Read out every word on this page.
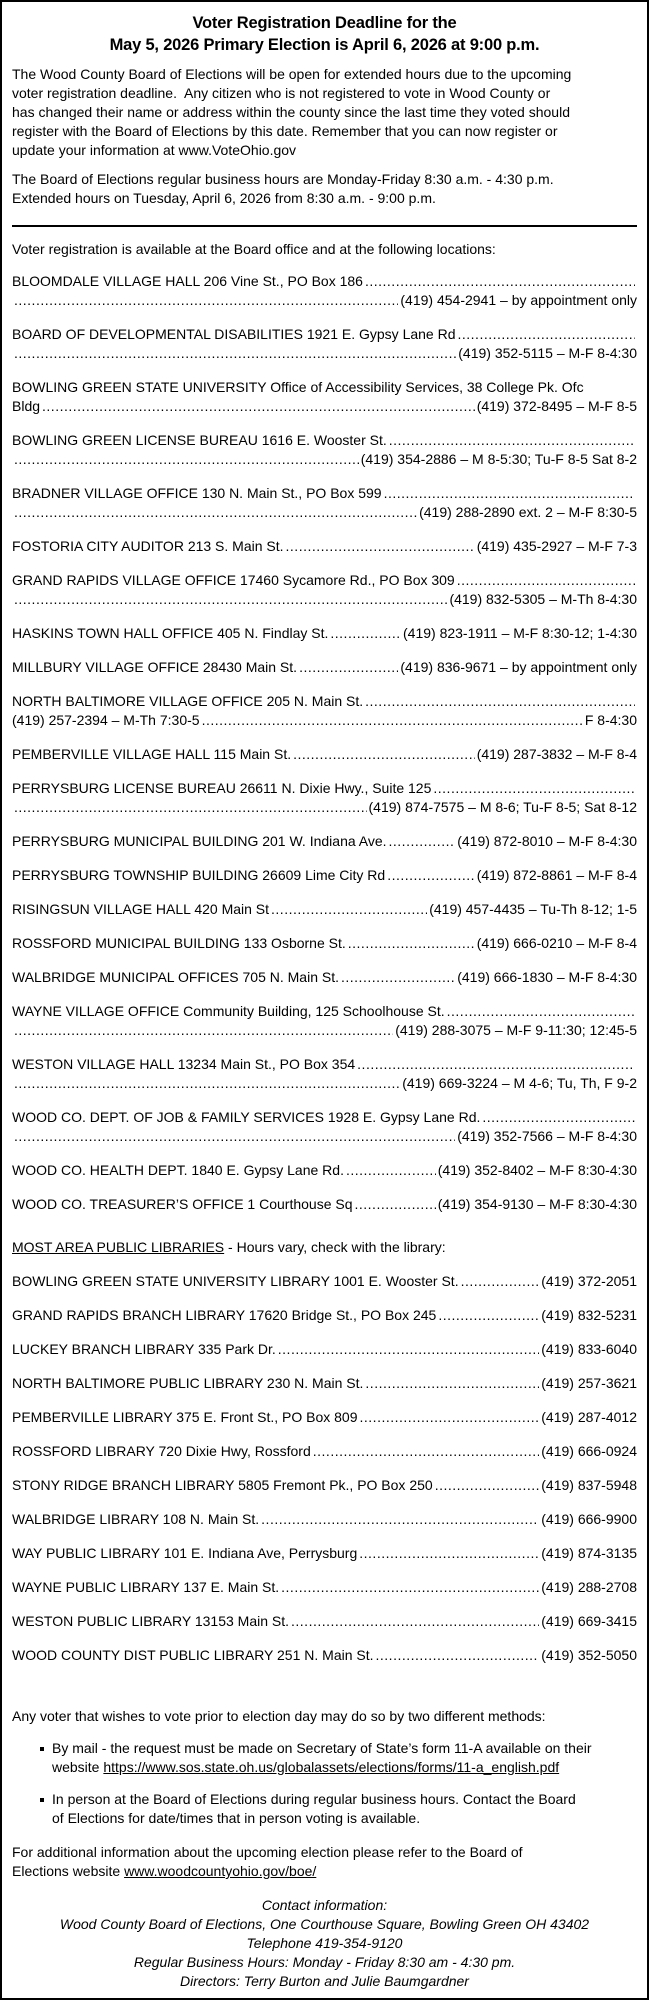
Voter Registration Deadline for the
May 5, 2026 Primary Election is April 6, 2026 at 9:00 p.m.

The Wood County Board of Elections will be open for extended hours due to the upcoming
voter registration deadline.  Any citizen who is not registered to vote in Wood County or
has changed their name or address within the county since the last time they voted should
register with the Board of Elections by this date. Remember that you can now register or
update your information at www.VoteOhio.gov

The Board of Elections regular business hours are Monday-Friday 8:30 a.m. - 4:30 p.m.
Extended hours on Tuesday, April 6, 2026 from 8:30 a.m. - 9:00 p.m.

Voter registration is available at the Board office and at the following locations:

BLOOMDALE VILLAGE HALL 206 Vine St., PO Box 186
.....
.....
(419) 454-2941 – by appointment only
BOARD OF DEVELOPMENTAL DISABILITIES 1921 E. Gypsy Lane Rd
.....
.....
(419) 352-5115 – M-F 8-4:30
BOWLING GREEN STATE UNIVERSITY Office of Accessibility Services, 38 College Pk. Ofc
Bldg .....	(419) 372-8495 – M-F 8-5
BOWLING GREEN LICENSE BUREAU 1616 E. Wooster St.
.....
.....
(419) 354-2886 – M 8-5:30; Tu-F 8-5 Sat 8-2
BRADNER VILLAGE OFFICE 130 N. Main St., PO Box 599
.....
.....
(419) 288-2890 ext. 2 – M-F 8:30-5
FOSTORIA CITY AUDITOR 213 S. Main St. .....	(419) 435-2927 – M-F 7-3
GRAND RAPIDS VILLAGE OFFICE 17460 Sycamore Rd., PO Box 309
.....
.....
(419) 832-5305 – M-Th 8-4:30
HASKINS TOWN HALL OFFICE 405 N. Findlay St. .....	(419) 823-1911 – M-F 8:30-12; 1-4:30
MILLBURY VILLAGE OFFICE 28430 Main St. .....	(419) 836-9671 – by appointment only
NORTH BALTIMORE VILLAGE OFFICE 205 N. Main St.
.....
(419) 257-2394 – M-Th 7:30-5 .....	F 8-4:30
PEMBERVILLE VILLAGE HALL 115 Main St. .....	(419) 287-3832 – M-F 8-4
PERRYSBURG LICENSE BUREAU 26611 N. Dixie Hwy., Suite 125
.....
.....
(419) 874-7575 – M 8-6; Tu-F 8-5; Sat 8-12
PERRYSBURG MUNICIPAL BUILDING 201 W. Indiana Ave. .....	(419) 872-8010 – M-F 8-4:30
PERRYSBURG TOWNSHIP BUILDING 26609 Lime City Rd .....	(419) 872-8861 – M-F 8-4
RISINGSUN VILLAGE HALL 420 Main St .....	(419) 457-4435 – Tu-Th 8-12; 1-5
ROSSFORD MUNICIPAL BUILDING 133 Osborne St. .....	(419) 666-0210 – M-F 8-4
WALBRIDGE MUNICIPAL OFFICES 705 N. Main St. .....	(419) 666-1830 – M-F 8-4:30
WAYNE VILLAGE OFFICE Community Building, 125 Schoolhouse St.
.....
.....
(419) 288-3075 – M-F 9-11:30; 12:45-5
WESTON VILLAGE HALL 13234 Main St., PO Box 354
.....
.....
(419) 669-3224 – M 4-6; Tu, Th, F 9-2
WOOD CO. DEPT. OF JOB & FAMILY SERVICES 1928 E. Gypsy Lane Rd.
.....
.....
(419) 352-7566 – M-F 8-4:30
WOOD CO. HEALTH DEPT. 1840 E. Gypsy Lane Rd. .....	(419) 352-8402 – M-F 8:30-4:30
WOOD CO. TREASURER’S OFFICE 1 Courthouse Sq .....	(419) 354-9130 – M-F 8:30-4:30

MOST AREA PUBLIC LIBRARIES - Hours vary, check with the library:

BOWLING GREEN STATE UNIVERSITY LIBRARY 1001 E. Wooster St. .....	(419) 372-2051
GRAND RAPIDS BRANCH LIBRARY 17620 Bridge St., PO Box 245 .....	(419) 832-5231
LUCKEY BRANCH LIBRARY 335 Park Dr. .....	(419) 833-6040
NORTH BALTIMORE PUBLIC LIBRARY 230 N. Main St. .....	(419) 257-3621
PEMBERVILLE LIBRARY 375 E. Front St., PO Box 809 .....	(419) 287-4012
ROSSFORD LIBRARY 720 Dixie Hwy, Rossford .....	(419) 666-0924
STONY RIDGE BRANCH LIBRARY 5805 Fremont Pk., PO Box 250 .....	(419) 837-5948
WALBRIDGE LIBRARY 108 N. Main St. .....	(419) 666-9900
WAY PUBLIC LIBRARY 101 E. Indiana Ave, Perrysburg .....	(419) 874-3135
WAYNE PUBLIC LIBRARY 137 E. Main St. .....	(419) 288-2708
WESTON PUBLIC LIBRARY 13153 Main St. .....	(419) 669-3415
WOOD COUNTY DIST PUBLIC LIBRARY 251 N. Main St. .....	(419) 352-5050

Any voter that wishes to vote prior to election day may do so by two different methods:

By mail - the request must be made on Secretary of State’s form 11-A available on their
website https://www.sos.state.oh.us/globalassets/elections/forms/11-a_english.pdf
In person at the Board of Elections during regular business hours. Contact the Board
of Elections for date/times that in person voting is available.

For additional information about the upcoming election please refer to the Board of
Elections website www.woodcountyohio.gov/boe/

Contact information:
Wood County Board of Elections, One Courthouse Square, Bowling Green OH 43402
Telephone 419-354-9120
Regular Business Hours: Monday - Friday 8:30 am - 4:30 pm.
Directors: Terry Burton and Julie Baumgardner
